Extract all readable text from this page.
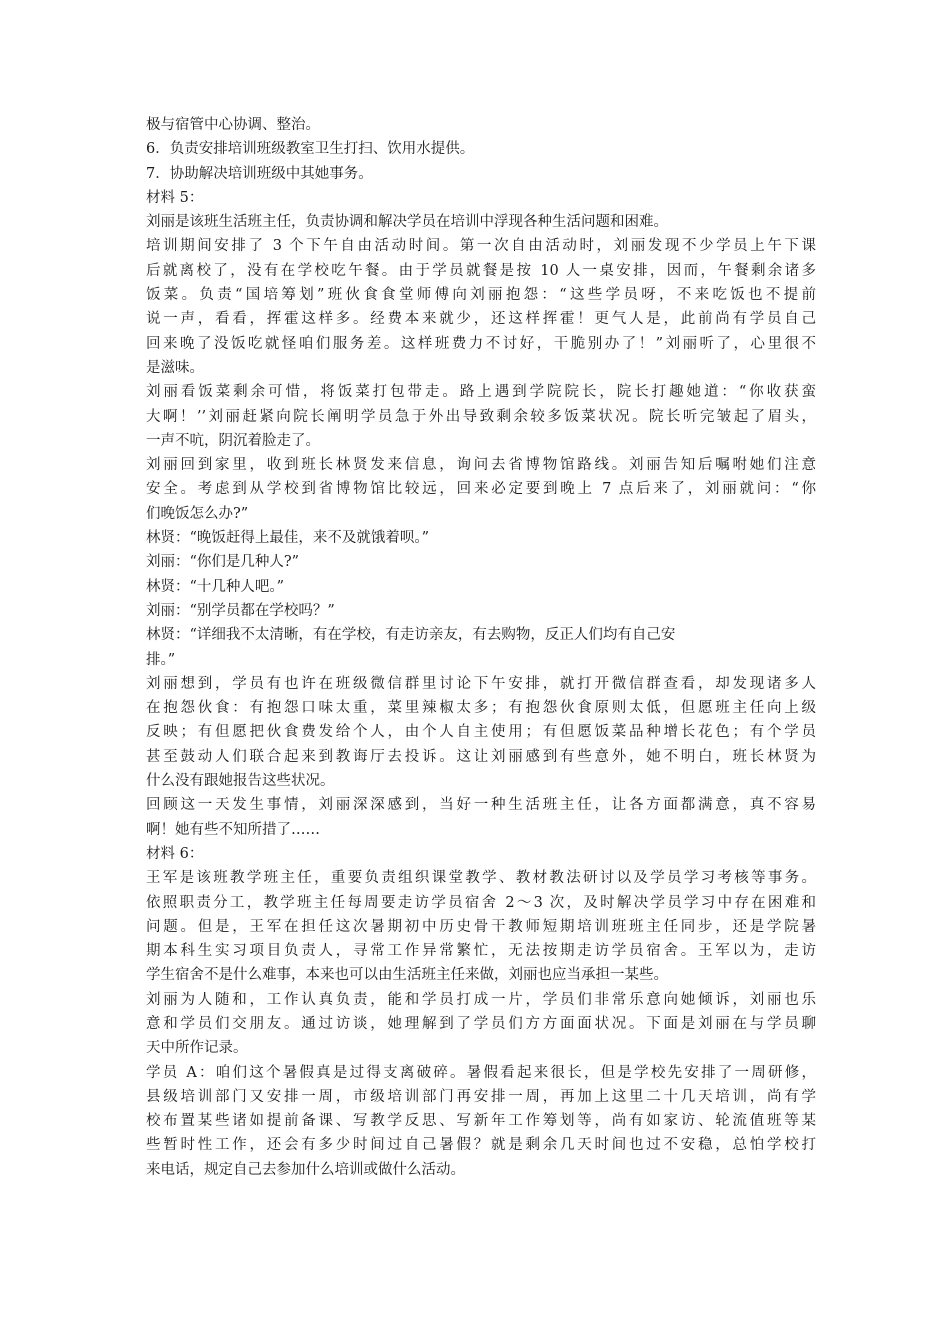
极与宿管中心协调、整治。
6．负责安排培训班级教室卫生打扫、饮用水提供。
7．协助解决培训班级中其她事务。
材料 5：
刘丽是该班生活班主任，负责协调和解决学员在培训中浮现各种生活问题和困难。
培训期间安排了 3 个下午自由活动时间。第一次自由活动时，刘丽发现不少学员上午下课
后就离校了，没有在学校吃午餐。由于学员就餐是按 10 人一桌安排，因而，午餐剩余诸多
饭菜。负责“国培筹划”班伙食食堂师傅向刘丽抱怨：“这些学员呀，不来吃饭也不提前
说一声，看看，挥霍这样多。经费本来就少，还这样挥霍！更气人是，此前尚有学员自己
回来晚了没饭吃就怪咱们服务差。这样班费力不讨好，干脆别办了！”刘丽听了，心里很不
是滋味。
刘丽看饭菜剩余可惜，将饭菜打包带走。路上遇到学院院长，院长打趣她道：“你收获蛮
大啊！’’刘丽赶紧向院长阐明学员急于外出导致剩余较多饭菜状况。院长听完皱起了眉头，
一声不吭，阴沉着脸走了。
刘丽回到家里，收到班长林贤发来信息，询问去省博物馆路线。刘丽告知后嘱咐她们注意
安全。考虑到从学校到省博物馆比较远，回来必定要到晚上 7 点后来了，刘丽就问：“你
们晚饭怎么办?”
林贤：“晚饭赶得上最佳，来不及就饿着呗。”
刘丽：“你们是几种人?”
林贤：“十几种人吧。”
刘丽：“别学员都在学校吗？”
林贤：“详细我不太清晰，有在学校，有走访亲友，有去购物，反正人们均有自己安
排。”
刘丽想到，学员有也许在班级微信群里讨论下午安排，就打开微信群查看，却发现诸多人
在抱怨伙食：有抱怨口味太重，菜里辣椒太多；有抱怨伙食原则太低，但愿班主任向上级
反映；有但愿把伙食费发给个人，由个人自主使用；有但愿饭菜品种增长花色；有个学员
甚至鼓动人们联合起来到教诲厅去投诉。这让刘丽感到有些意外，她不明白，班长林贤为
什么没有跟她报告这些状况。
回顾这一天发生事情，刘丽深深感到，当好一种生活班主任，让各方面都满意，真不容易
啊！她有些不知所措了……
材料 6：
王军是该班教学班主任，重要负责组织课堂教学、教材教法研讨以及学员学习考核等事务。
依照职责分工，教学班主任每周要走访学员宿舍 2～3 次，及时解决学员学习中存在困难和
问题。但是，王军在担任这次暑期初中历史骨干教师短期培训班班主任同步，还是学院暑
期本科生实习项目负责人，寻常工作异常繁忙，无法按期走访学员宿舍。王军以为，走访
学生宿舍不是什么难事，本来也可以由生活班主任来做，刘丽也应当承担一某些。
刘丽为人随和，工作认真负责，能和学员打成一片，学员们非常乐意向她倾诉，刘丽也乐
意和学员们交朋友。通过访谈，她理解到了学员们方方面面状况。下面是刘丽在与学员聊
天中所作记录。
学员 A：咱们这个暑假真是过得支离破碎。暑假看起来很长，但是学校先安排了一周研修，
县级培训部门又安排一周，市级培训部门再安排一周，再加上这里二十几天培训，尚有学
校布置某些诸如提前备课、写教学反思、写新年工作筹划等，尚有如家访、轮流值班等某
些暂时性工作，还会有多少时间过自己暑假？就是剩余几天时间也过不安稳，总怕学校打
来电话，规定自己去参加什么培训或做什么活动。
